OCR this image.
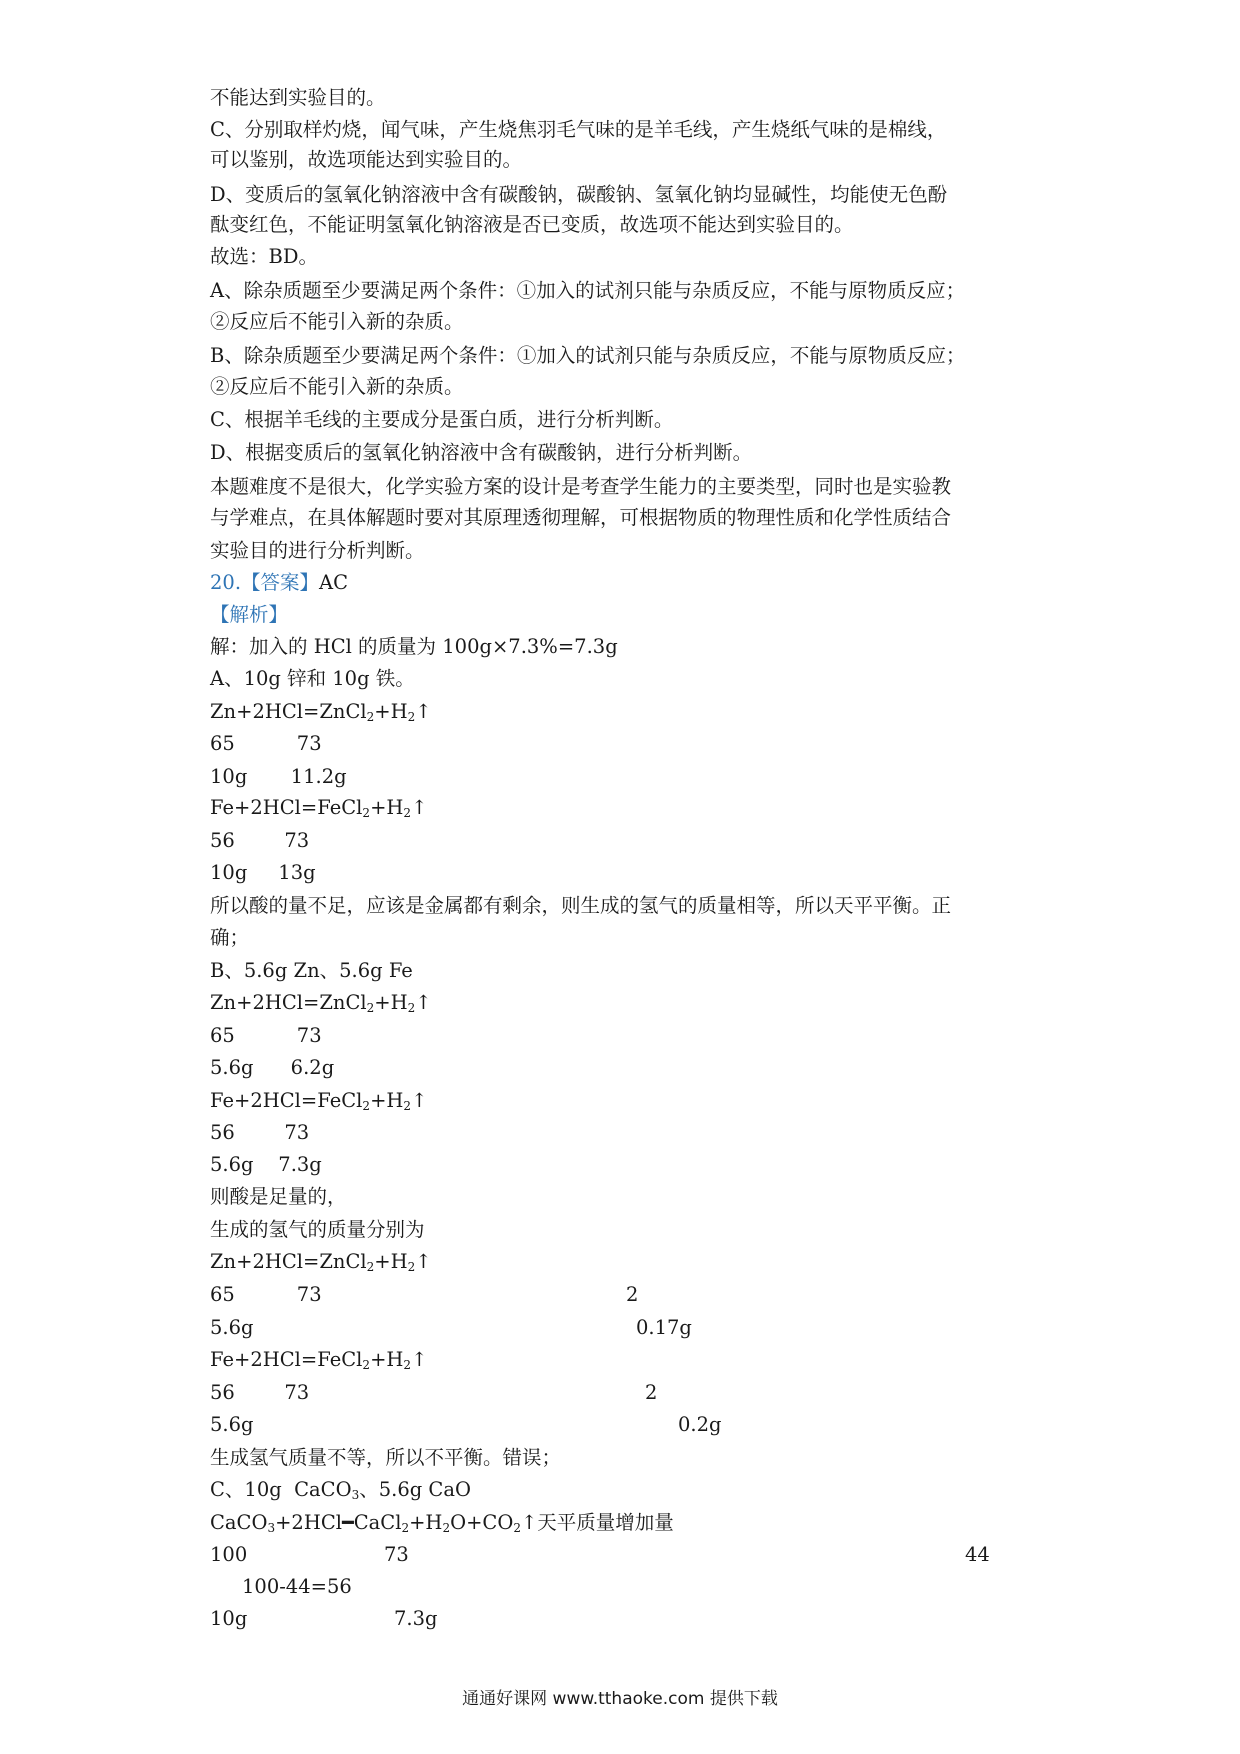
不能达到实验目的。
C、分别取样灼烧，闻气味，产生烧焦羽毛气味的是羊毛线，产生烧纸气味的是棉线，
可以鉴别，故选项能达到实验目的。
D、变质后的氢氧化钠溶液中含有碳酸钠，碳酸钠、氢氧化钠均显碱性，均能使无色酚
酞变红色，不能证明氢氧化钠溶液是否已变质，故选项不能达到实验目的。
故选：BD。
A、除杂质题至少要满足两个条件：①加入的试剂只能与杂质反应，不能与原物质反应；
②反应后不能引入新的杂质。
B、除杂质题至少要满足两个条件：①加入的试剂只能与杂质反应，不能与原物质反应；
②反应后不能引入新的杂质。
C、根据羊毛线的主要成分是蛋白质，进行分析判断。
D、根据变质后的氢氧化钠溶液中含有碳酸钠，进行分析判断。
本题难度不是很大，化学实验方案的设计是考查学生能力的主要类型，同时也是实验教
与学难点，在具体解题时要对其原理透彻理解，可根据物质的物理性质和化学性质结合
实验目的进行分析判断。
20.【答案】AC
【解析】
解：加入的 HCl 的质量为 100g×7.3%=7.3g
A、10g 锌和 10g 铁。
$Zn+2HCl=ZnCl_2+H_2↑$
65          73
10g       11.2g
$Fe+2HCl=FeCl_2+H_2↑$
56        73
10g     13g
所以酸的量不足，应该是金属都有剩余，则生成的氢气的质量相等，所以天平平衡。正
确；
B、5.6g Zn、5.6g Fe
$Zn+2HCl=ZnCl_2+H_2↑$
65          73
5.6g      6.2g
$Fe+2HCl=FeCl_2+H_2↑$
56        73
5.6g    7.3g
则酸是足量的，
生成的氢气的质量分别为
$Zn+2HCl=ZnCl_2+H_2↑$
65          73	2
5.6g	0.17g
$Fe+2HCl=FeCl_2+H_2↑$
56        73	2
5.6g	0.2g
生成氢气质量不等，所以不平衡。错误；
C、10g  CaCO$_3$、5.6g CaO
$CaCO_3+2HCl━CaCl_2+H_2O+CO_2↑$天平质量增加量
100	73	44
100-44=56
10g	7.3g
通通好课网 www.tthaoke.com 提供下载
